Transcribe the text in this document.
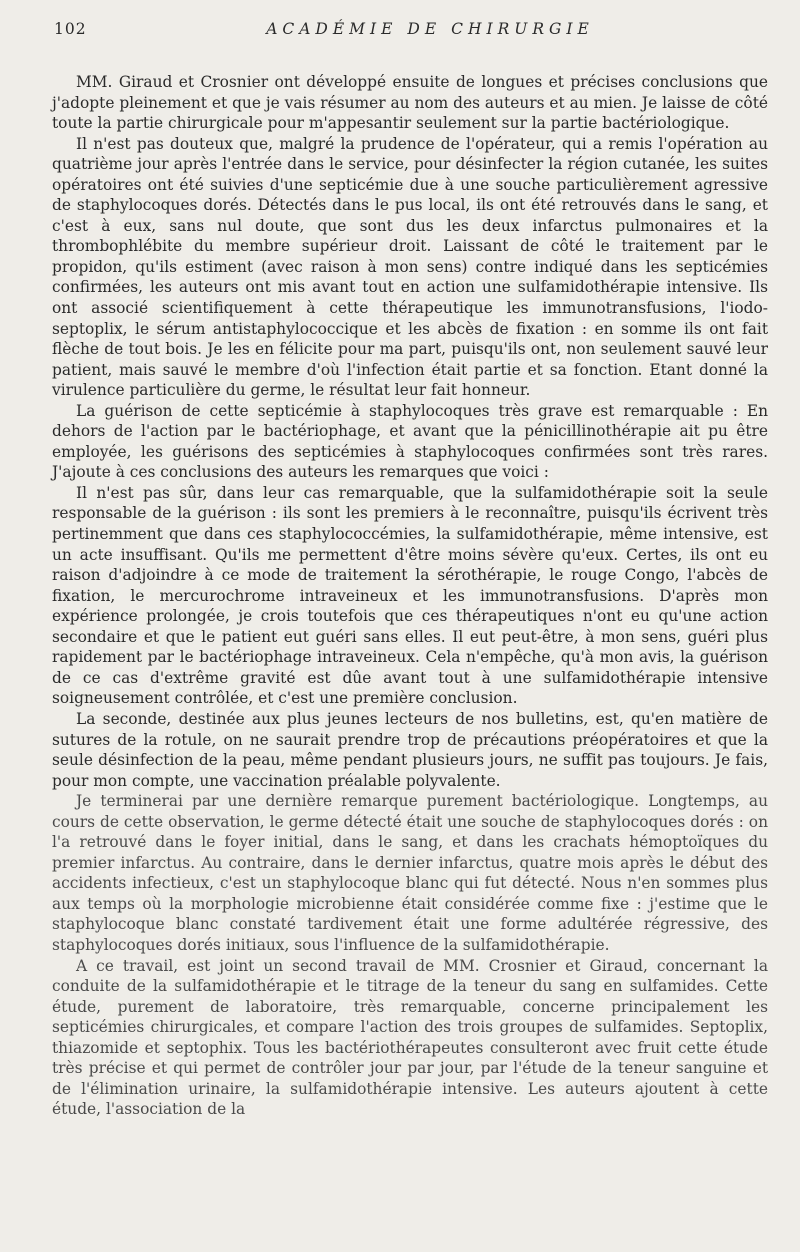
102	ACADÉMIE DE CHIRURGIE

MM. Giraud et Crosnier ont développé ensuite de longues et précises conclusions que j'adopte pleinement et que je vais résumer au nom des auteurs et au mien. Je laisse de côté toute la partie chirurgicale pour m'appesantir seulement sur la partie bactériologique.

Il n'est pas douteux que, malgré la prudence de l'opérateur, qui a remis l'opération au quatrième jour après l'entrée dans le service, pour désinfecter la région cutanée, les suites opératoires ont été suivies d'une septicémie due à une souche particulièrement agressive de staphylocoques dorés. Détectés dans le pus local, ils ont été retrouvés dans le sang, et c'est à eux, sans nul doute, que sont dus les deux infarctus pulmonaires et la thrombophlébite du membre supérieur droit. Laissant de côté le traitement par le propidon, qu'ils estiment (avec raison à mon sens) contre indiqué dans les septicémies confirmées, les auteurs ont mis avant tout en action une sulfamidothérapie intensive. Ils ont associé scientifiquement à cette thérapeutique les immunotransfusions, l'iodo-septoplix, le sérum antistaphylococcique et les abcès de fixation : en somme ils ont fait flèche de tout bois. Je les en félicite pour ma part, puisqu'ils ont, non seulement sauvé leur patient, mais sauvé le membre d'où l'infection était partie et sa fonction. Etant donné la virulence particulière du germe, le résultat leur fait honneur.

La guérison de cette septicémie à staphylocoques très grave est remarquable : En dehors de l'action par le bactériophage, et avant que la pénicillinothérapie ait pu être employée, les guérisons des septicémies à staphylocoques confirmées sont très rares. J'ajoute à ces conclusions des auteurs les remarques que voici :

Il n'est pas sûr, dans leur cas remarquable, que la sulfamidothérapie soit la seule responsable de la guérison : ils sont les premiers à le reconnaître, puisqu'ils écrivent très pertinemment que dans ces staphylococcémies, la sulfamidothérapie, même intensive, est un acte insuffisant. Qu'ils me permettent d'être moins sévère qu'eux. Certes, ils ont eu raison d'adjoindre à ce mode de traitement la sérothérapie, le rouge Congo, l'abcès de fixation, le mercurochrome intraveineux et les immunotransfusions. D'après mon expérience prolongée, je crois toutefois que ces thérapeutiques n'ont eu qu'une action secondaire et que le patient eut guéri sans elles. Il eut peut-être, à mon sens, guéri plus rapidement par le bactériophage intraveineux. Cela n'empêche, qu'à mon avis, la guérison de ce cas d'extrême gravité est dûe avant tout à une sulfamidothérapie intensive soigneusement contrôlée, et c'est une première conclusion.

La seconde, destinée aux plus jeunes lecteurs de nos bulletins, est, qu'en matière de sutures de la rotule, on ne saurait prendre trop de précautions préopératoires et que la seule désinfection de la peau, même pendant plusieurs jours, ne suffit pas toujours. Je fais, pour mon compte, une vaccination préalable polyvalente.

Je terminerai par une dernière remarque purement bactériologique. Longtemps, au cours de cette observation, le germe détecté était une souche de staphylocoques dorés : on l'a retrouvé dans le foyer initial, dans le sang, et dans les crachats hémoptoïques du premier infarctus. Au contraire, dans le dernier infarctus, quatre mois après le début des accidents infectieux, c'est un staphylocoque blanc qui fut détecté. Nous n'en sommes plus aux temps où la morphologie microbienne était considérée comme fixe : j'estime que le staphylocoque blanc constaté tardivement était une forme adultérée régressive, des staphylocoques dorés initiaux, sous l'influence de la sulfamidothérapie.

A ce travail, est joint un second travail de MM. Crosnier et Giraud, concernant la conduite de la sulfamidothérapie et le titrage de la teneur du sang en sulfamides. Cette étude, purement de laboratoire, très remarquable, concerne principalement les septicémies chirurgicales, et compare l'action des trois groupes de sulfamides. Septoplix, thiazomide et septophix. Tous les bactériothérapeutes consulteront avec fruit cette étude très précise et qui permet de contrôler jour par jour, par l'étude de la teneur sanguine et de l'élimination urinaire, la sulfamidothérapie intensive. Les auteurs ajoutent à cette étude, l'association de la
